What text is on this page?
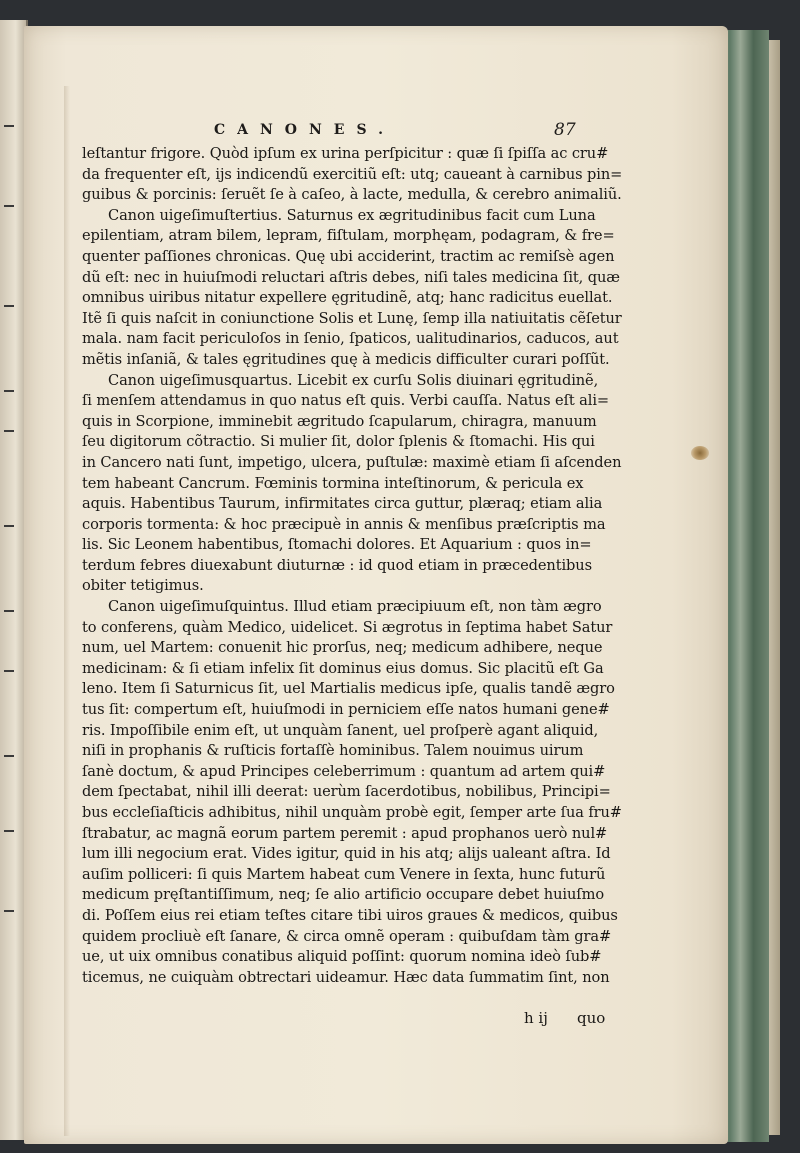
CANONES.	87
leſtantur frigore. Quòd ipſum ex urina perſpicitur : quæ ſi ſpiſſa ac cru#
da frequenter eſt, ijs indicendũ exercitiũ eſt: utq; caueant à carnibus pin=
guibus & porcinis: ſeruẽt ſe à caſeo, à lacte, medulla, & cerebro animaliũ.
Canon uigeſimuſtertius. Saturnus ex ægritudinibus facit cum Luna
epilentiam, atram bilem, lepram, fiſtulam, morphęam, podagram, & fre=
quenter paſſiones chronicas. Quę ubi acciderint, tractim ac remiſsè agen
dũ eſt: nec in huiuſmodi reluctari aſtris debes, niſi tales medicina ſit, quæ
omnibus uiribus nitatur expellere ęgritudinẽ, atq; hanc radicitus euellat.
Itẽ ſi quis naſcit in coniunctione Solis et Lunę, ſemp illa natiuitatis cẽſetur
mala. nam facit periculoſos in ſenio, ſpaticos, ualitudinarios, caducos, aut
mẽtis inſaniã, & tales ęgritudines quę à medicis difficulter curari poſſũt.
Canon uigeſimusquartus. Licebit ex curſu Solis diuinari ęgritudinẽ,
ſi menſem attendamus in quo natus eſt quis. Verbi cauſſa. Natus eſt ali=
quis in Scorpione, imminebit ægritudo ſcapularum, chiragra, manuum
ſeu digitorum cõtractio. Si mulier ſit, dolor ſplenis & ſtomachi. His qui
in Cancero nati ſunt, impetigo, ulcera, puſtulæ: maximè etiam ſi aſcenden
tem habeant Cancrum. Fœminis tormina inteſtinorum, & pericula ex
aquis. Habentibus Taurum, infirmitates circa guttur, plæraq; etiam alia
corporis tormenta: & hoc præcipuè in annis & menſibus præſcriptis ma
lis. Sic Leonem habentibus, ſtomachi dolores. Et Aquarium : quos in=
terdum febres diuexabunt diuturnæ : id quod etiam in præcedentibus
obiter tetigimus.
Canon uigeſimuſquintus. Illud etiam præcipiuum eſt, non tàm ægro
to conferens, quàm Medico, uidelicet. Si ægrotus in ſeptima habet Satur
num, uel Martem: conuenit hic prorſus, neq; medicum adhibere, neque
medicinam: & ſi etiam infelix ſit dominus eius domus. Sic placitũ eſt Ga
leno. Item ſi Saturnicus ſit, uel Martialis medicus ipſe, qualis tandẽ ægro
tus ſit: compertum eſt, huiuſmodi in perniciem eſſe natos humani gene#
ris. Impoſſibile enim eſt, ut unquàm ſanent, uel proſperè agant aliquid,
niſi in prophanis & ruſticis fortaſſè hominibus. Talem nouimus uirum
ſanè doctum, & apud Principes celeberrimum : quantum ad artem qui#
dem ſpectabat, nihil illi deerat: uerùm ſacerdotibus, nobilibus, Principi=
bus eccleſiaſticis adhibitus, nihil unquàm probè egit, ſemper arte ſua fru#
ſtrabatur, ac magnã eorum partem peremit : apud prophanos uerò nul#
lum illi negocium erat. Vides igitur, quid in his atq; alijs ualeant aſtra. Id
auſim polliceri: ſi quis Martem habeat cum Venere in ſexta, hunc futurũ
medicum pręſtantiſſimum, neq; ſe alio artificio occupare debet huiuſmo
di. Poſſem eius rei etiam teſtes citare tibi uiros graues & medicos, quibus
quidem procliuè eſt ſanare, & circa omnẽ operam : quibuſdam tàm gra#
ue, ut uix omnibus conatibus aliquid poſſint: quorum nomina ideò ſub#
ticemus, ne cuiquàm obtrectari uideamur. Hæc data ſummatim ſint, non
h ij quo
